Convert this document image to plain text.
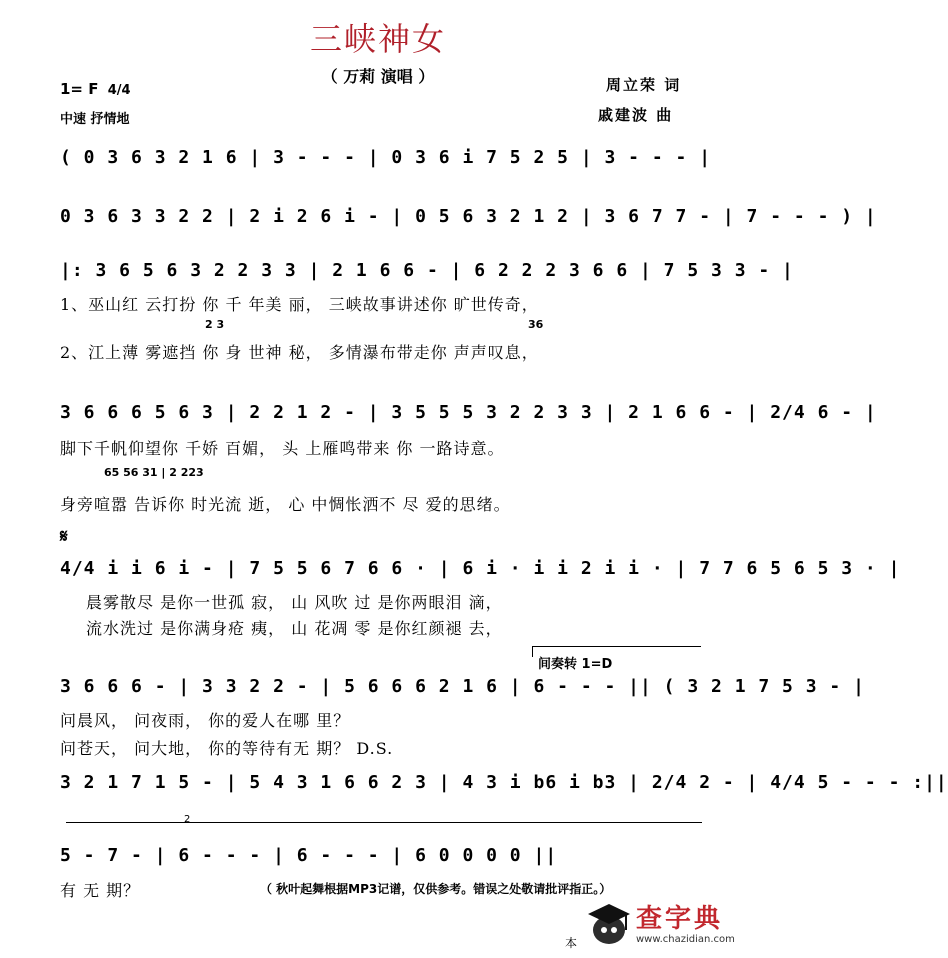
三峡神女
（ 万莉 演唱 ）
1= F 4/4
中速 抒情地
周立荣 词
戚建波 曲
( 0 3 6 3 2 1 6 | 3 - - - | 0 3 6 i 7 5 2 5 | 3 - - - |
0 3 6 3 3 2 2 | 2 i 2 6 i - | 0 5 6 3 2 1 2 | 3 6 7 7 - | 7 - - - ) |
|: 3 6 5 6 3 2 2 3 3 | 2 1 6 6 - | 6 2 2 2 3 6 6 | 7 5 3 3 - |
1、巫山红 云打扮 你 千 年美 丽， 三峡故事讲述你 旷世传奇，
2 3	36
2、江上薄 雾遮挡 你 身 世神 秘， 多情瀑布带走你 声声叹息，
3 6 6 6 5 6 3 | 2 2 1 2 - | 3 5 5 5 3 2 2 3 3 | 2 1 6 6 - | 2/4 6 - |
脚下千帆仰望你 千娇 百媚， 头 上雁鸣带来 你 一路诗意。
65 56 31 | 2 223
身旁喧嚣 告诉你 时光流 逝， 心 中惆怅洒不 尽 爱的思绪。
𝄋
4/4 i i 6 i - | 7 5 5 6 7 6 6 · | 6 i · i i 2 i i · | 7 7 6 5 6 5 3 · |
晨雾散尽 是你一世孤 寂， 山 风吹 过 是你两眼泪 滴，
流水洗过 是你满身疮 痍， 山 花凋 零 是你红颜褪 去，
间奏转 1=D
3 6 6 6 - | 3 3 2 2 - | 5 6 6 6 2 1 6 | 6 - - - || ( 3 2 1 7 5 3 - |
问晨风， 问夜雨， 你的爱人在哪 里？
问苍天， 问大地， 你的等待有无 期？ D.S.
3 2 1 7 1 5 - | 5 4 3 1 6 6 2 3 | 4 3 i b6 i b3 | 2/4 2 - | 4/4 5 - - - :||
2
5 - 7 - | 6 - - - | 6 - - - | 6 0 0 0 0 ||
有 无 期？	（ 秋叶起舞根据MP3记谱，仅供参考。错误之处敬请批评指正。）
本
查字典
www.chazidian.com
